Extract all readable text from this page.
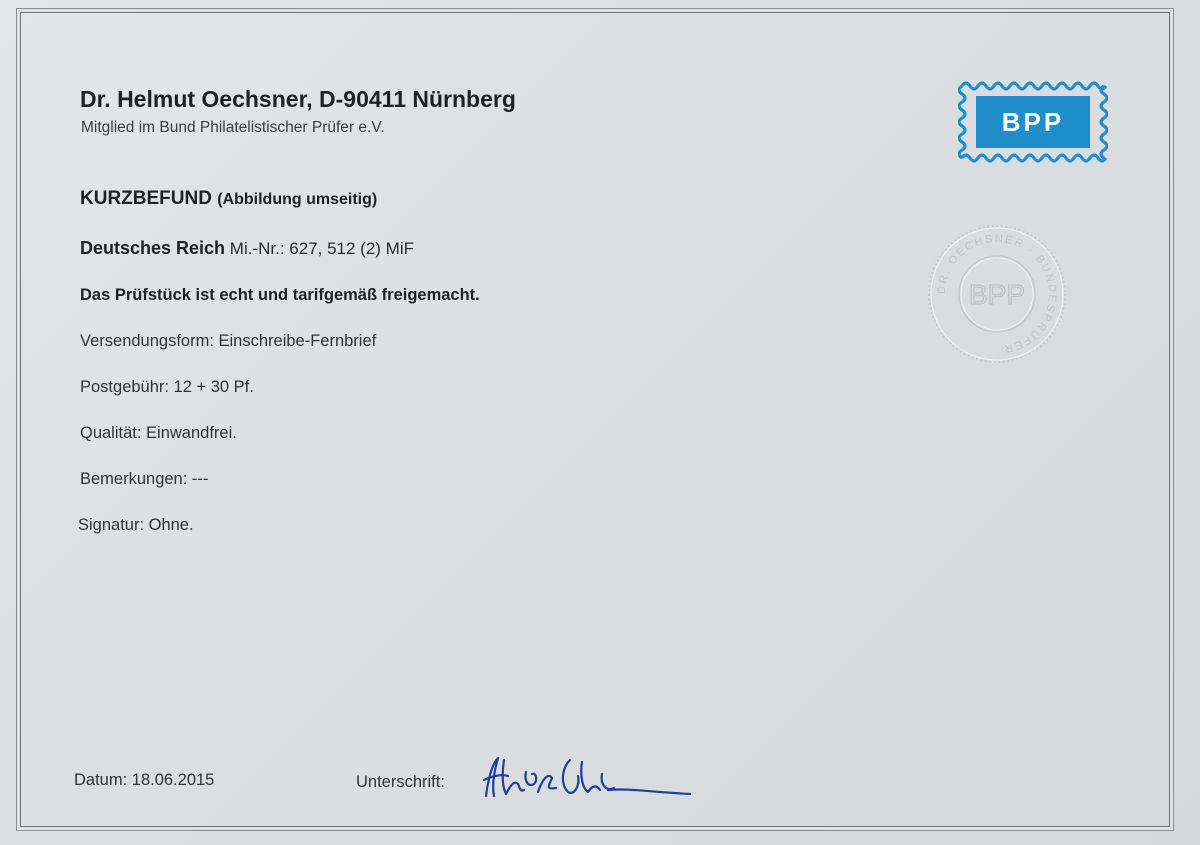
Dr. Helmut Oechsner, D-90411 Nürnberg
Mitglied im Bund Philatelistischer Prüfer e.V.	BPP
DR. OECHSNER · BUNDESPRÜFER
BPP
KURZBEFUND (Abbildung umseitig)
Deutsches Reich Mi.-Nr.: 627, 512 (2) MiF
Das Prüfstück ist echt und tarifgemäß freigemacht.
Versendungsform: Einschreibe-Fernbrief
Postgebühr: 12 + 30 Pf.
Qualität: Einwandfrei.
Bemerkungen: ---
Signatur: Ohne.
Datum: 18.06.2015	Unterschrift:
